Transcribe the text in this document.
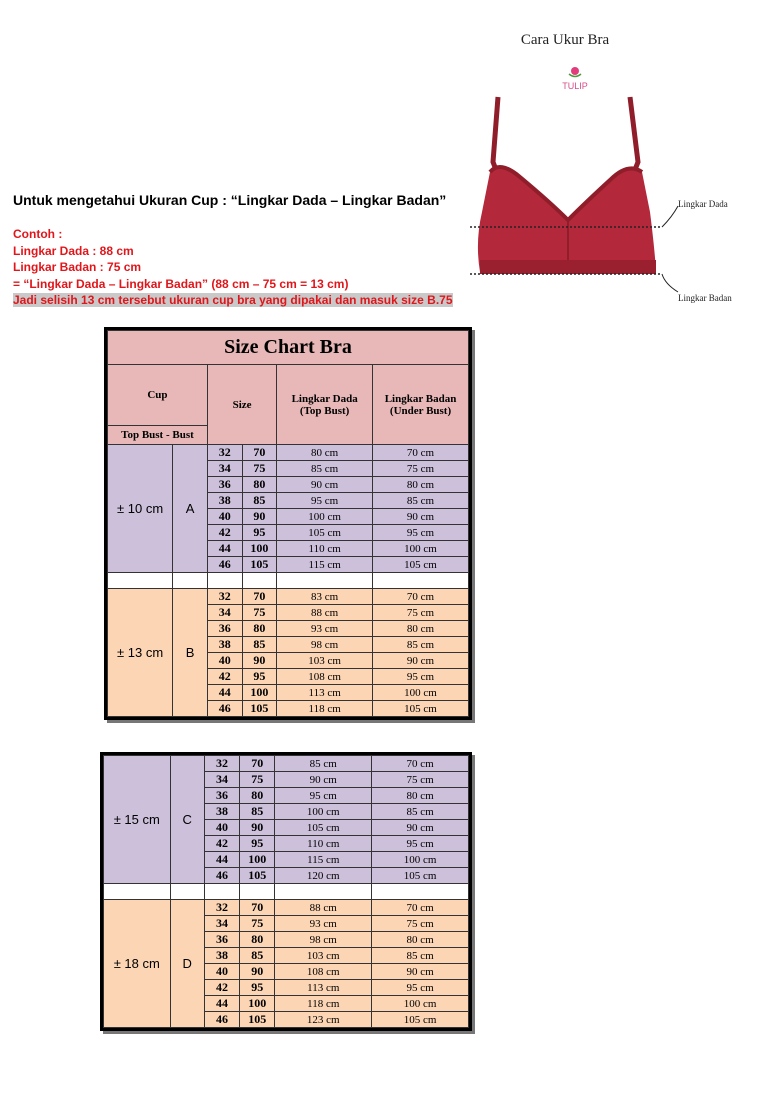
Cara Ukur Bra
TULIP
Lingkar Dada
Lingkar Badan
Untuk mengetahui Ukuran Cup : “Lingkar Dada – Lingkar Badan”
Contoh :
Lingkar Dada : 88 cm
Lingkar Badan : 75 cm
= “Lingkar Dada – Lingkar Badan” (88 cm – 75 cm = 13 cm)
Jadi selisih 13 cm tersebut ukuran cup bra yang dipakai dan masuk size B.75
Size Chart Bra					
Cup		Size		Lingkar Dada
(Top Bust)	Lingkar Badan
(Under Bust)
Top Bust - Bust					
± 10 cm	A	32	70	80 cm	70 cm
		34	75	85 cm	75 cm
		36	80	90 cm	80 cm
		38	85	95 cm	85 cm
		40	90	100 cm	90 cm
		42	95	105 cm	95 cm
		44	100	110 cm	100 cm
		46	105	115 cm	105 cm

± 13 cm	B	32	70	83 cm	70 cm
		34	75	88 cm	75 cm
		36	80	93 cm	80 cm
		38	85	98 cm	85 cm
		40	90	103 cm	90 cm
		42	95	108 cm	95 cm
		44	100	113 cm	100 cm
		46	105	118 cm	105 cm
± 15 cm	C	32	70	85 cm	70 cm
		34	75	90 cm	75 cm
		36	80	95 cm	80 cm
		38	85	100 cm	85 cm
		40	90	105 cm	90 cm
		42	95	110 cm	95 cm
		44	100	115 cm	100 cm
		46	105	120 cm	105 cm

± 18 cm	D	32	70	88 cm	70 cm
		34	75	93 cm	75 cm
		36	80	98 cm	80 cm
		38	85	103 cm	85 cm
		40	90	108 cm	90 cm
		42	95	113 cm	95 cm
		44	100	118 cm	100 cm
		46	105	123 cm	105 cm
